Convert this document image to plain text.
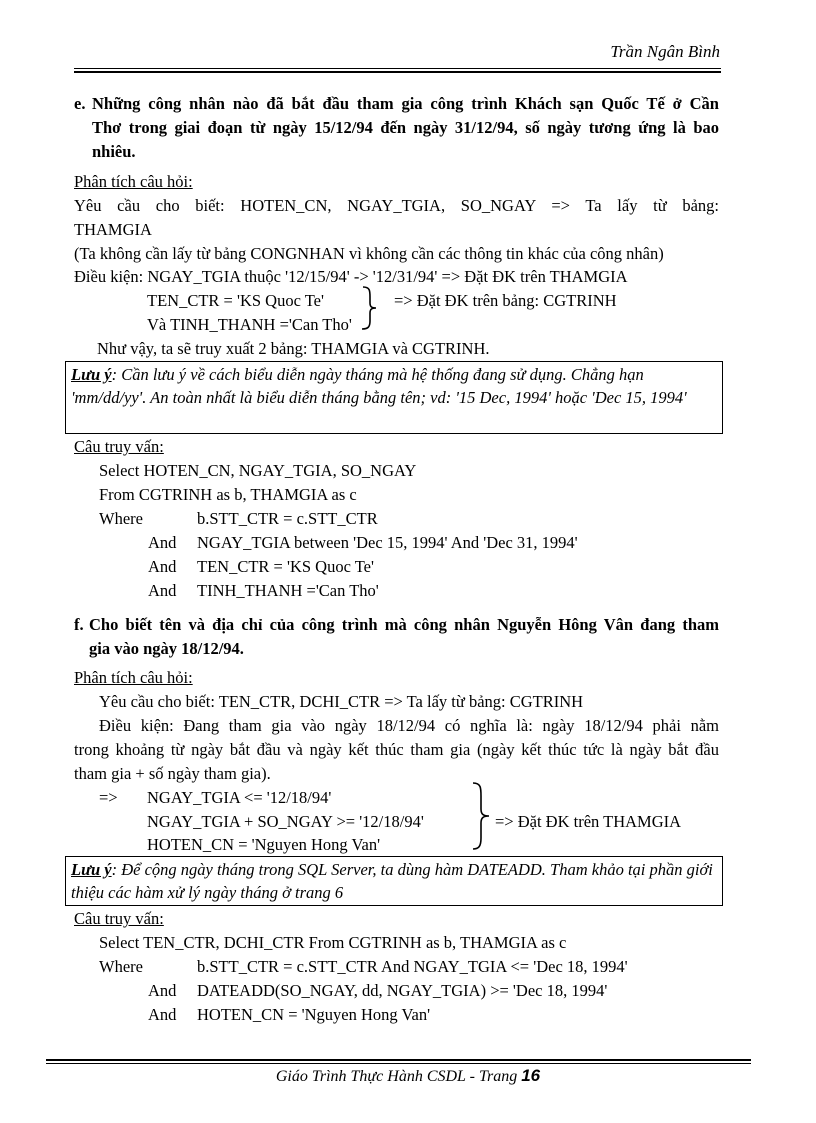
Trần Ngân Bình
e. Những công nhân nào đã bắt đầu tham gia công trình Khách sạn Quốc Tế ở Cần
Thơ trong giai đoạn từ ngày 15/12/94 đến ngày 31/12/94, số ngày tương ứng là bao
nhiêu.
Phân tích câu hỏi:
Yêu cầu cho biết: HOTEN_CN, NGAY_TGIA, SO_NGAY => Ta lấy từ bảng:
THAMGIA
(Ta không cần lấy từ bảng CONGNHAN vì không cần các thông tin khác của công nhân)
Điều kiện: NGAY_TGIA thuộc '12/15/94' -> '12/31/94' => Đặt ĐK trên THAMGIA
TEN_CTR = 'KS Quoc Te'	=> Đặt ĐK trên bảng: CGTRINH
Và TINH_THANH ='Can Tho'
Như vậy, ta sẽ truy xuất 2 bảng: THAMGIA và CGTRINH.
Lưu ý: Cần lưu ý về cách biểu diễn ngày tháng mà hệ thống đang sử dụng. Chẳng hạn 'mm/dd/yy'. An toàn nhất là biểu diễn tháng bằng tên; vd: '15 Dec, 1994' hoặc 'Dec 15, 1994'
Câu truy vấn:
Select HOTEN_CN, NGAY_TGIA, SO_NGAY
From CGTRINH as b, THAMGIA as c
Where	b.STT_CTR = c.STT_CTR
And NGAY_TGIA between 'Dec 15, 1994' And 'Dec 31, 1994'
And TEN_CTR = 'KS Quoc Te'
And TINH_THANH ='Can Tho'
f. Cho biết tên và địa chỉ của công trình mà công nhân Nguyễn Hông Vân đang tham
gia vào ngày 18/12/94.
Phân tích câu hỏi:
Yêu cầu cho biết: TEN_CTR, DCHI_CTR => Ta lấy từ bảng: CGTRINH
Điều kiện: Đang tham gia vào ngày 18/12/94 có nghĩa là: ngày 18/12/94 phải nằm
trong khoảng từ ngày bắt đầu và ngày kết thúc tham gia (ngày kết thúc tức là ngày bắt đầu
tham gia + số ngày tham gia).
=> NGAY_TGIA <= '12/18/94'
NGAY_TGIA + SO_NGAY >= '12/18/94'
HOTEN_CN = 'Nguyen Hong Van'
=> Đặt ĐK trên THAMGIA
Lưu ý: Để cộng ngày tháng trong SQL Server, ta dùng hàm DATEADD. Tham khảo tại phần giới thiệu các hàm xử lý ngày tháng ở trang 6
Câu truy vấn:
Select TEN_CTR, DCHI_CTR From CGTRINH as b, THAMGIA as c
Where	b.STT_CTR = c.STT_CTR And NGAY_TGIA <= 'Dec 18, 1994'
And DATEADD(SO_NGAY, dd, NGAY_TGIA) >= 'Dec 18, 1994'
And HOTEN_CN = 'Nguyen Hong Van'
Giáo Trình Thực Hành CSDL - Trang 16
